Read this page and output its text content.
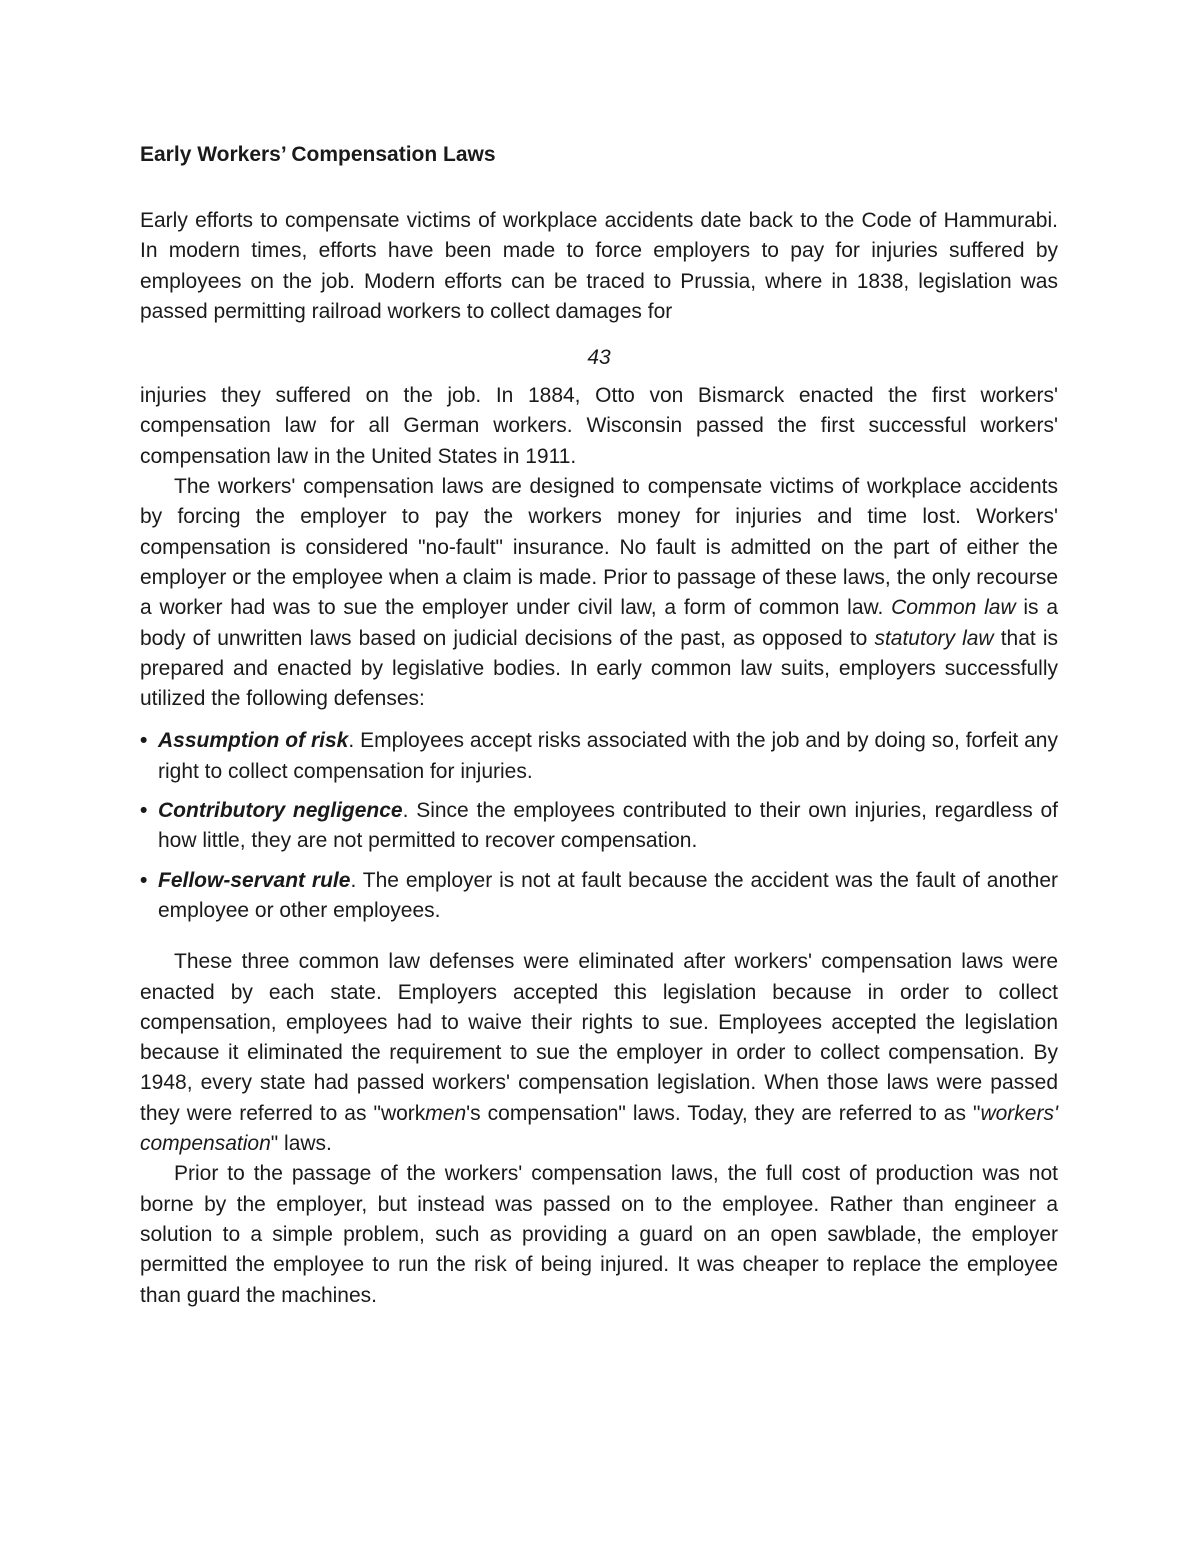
Early Workers’ Compensation Laws

Early efforts to compensate victims of workplace accidents date back to the Code of Hammurabi. In modern times, efforts have been made to force employers to pay for injuries suffered by employees on the job. Modern efforts can be traced to Prussia, where in 1838, legislation was passed permitting railroad workers to collect damages for

43

injuries they suffered on the job. In 1884, Otto von Bismarck enacted the first workers' compensation law for all German workers. Wisconsin passed the first successful workers' compensation law in the United States in 1911.

The workers' compensation laws are designed to compensate victims of workplace accidents by forcing the employer to pay the workers money for injuries and time lost. Workers' compensation is considered "no-fault" insurance. No fault is admitted on the part of either the employer or the employee when a claim is made. Prior to passage of these laws, the only recourse a worker had was to sue the employer under civil law, a form of common law. Common law is a body of unwritten laws based on judicial decisions of the past, as opposed to statutory law that is prepared and enacted by legislative bodies. In early common law suits, employers successfully utilized the following defenses:

• Assumption of risk. Employees accept risks associated with the job and by doing so, forfeit any right to collect compensation for injuries.
• Contributory negligence. Since the employees contributed to their own injuries, regardless of how little, they are not permitted to recover compensation.
• Fellow-servant rule. The employer is not at fault because the accident was the fault of another employee or other employees.

These three common law defenses were eliminated after workers' compensation laws were enacted by each state. Employers accepted this legislation because in order to collect compensation, employees had to waive their rights to sue. Employees accepted the legislation because it eliminated the requirement to sue the employer in order to collect compensation. By 1948, every state had passed workers' compensation legislation. When those laws were passed they were referred to as "workmen's compensation" laws. Today, they are referred to as "workers' compensation" laws.

Prior to the passage of the workers' compensation laws, the full cost of production was not borne by the employer, but instead was passed on to the employee. Rather than engineer a solution to a simple problem, such as providing a guard on an open sawblade, the employer permitted the employee to run the risk of being injured. It was cheaper to replace the employee than guard the machines.
